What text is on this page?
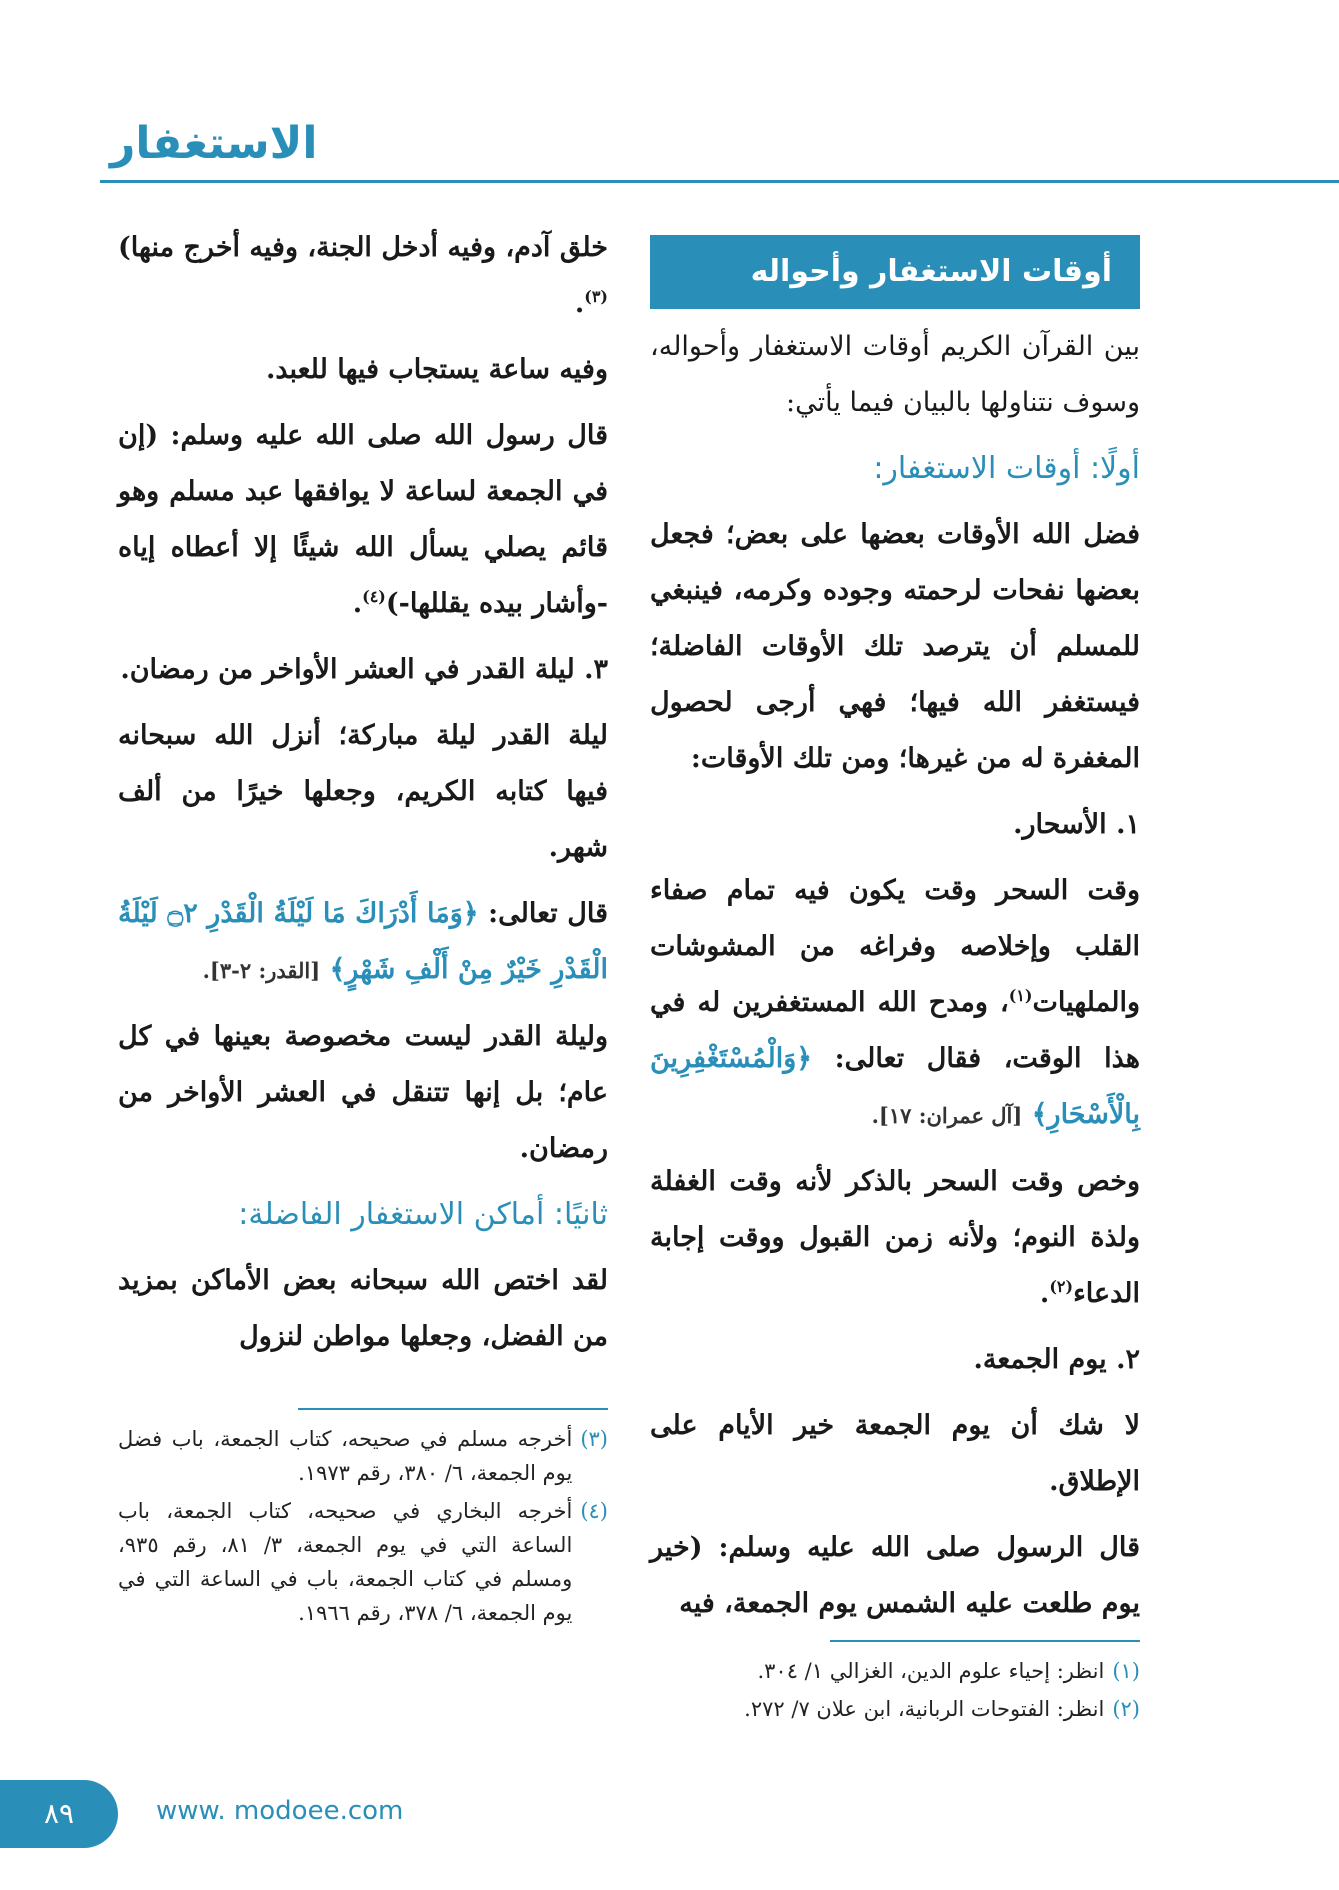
الاستغفار
أوقات الاستغفار وأحواله

بين القرآن الكريم أوقات الاستغفار وأحواله، وسوف نتناولها بالبيان فيما يأتي:

أولًا: أوقات الاستغفار:

فضل الله الأوقات بعضها على بعض؛ فجعل بعضها نفحات لرحمته وجوده وكرمه، فينبغي للمسلم أن يترصد تلك الأوقات الفاضلة؛ فيستغفر الله فيها؛ فهي أرجى لحصول المغفرة له من غيرها؛ ومن تلك الأوقات:

١. الأسحار.

وقت السحر وقت يكون فيه تمام صفاء القلب وإخلاصه وفراغه من المشوشات والملهيات$^{(١)}$، ومدح الله المستغفرين له في هذا الوقت، فقال تعالى: ﴿وَالْمُسْتَغْفِرِينَ بِالْأَسْحَارِ﴾ [آل عمران: ١٧].

وخص وقت السحر بالذكر لأنه وقت الغفلة ولذة النوم؛ ولأنه زمن القبول ووقت إجابة الدعاء$^{(٢)}$.

٢. يوم الجمعة.

لا شك أن يوم الجمعة خير الأيام على الإطلاق.

قال الرسول صلى الله عليه وسلم: (خير يوم طلعت عليه الشمس يوم الجمعة، فيه

(١)
انظر: إحياء علوم الدين، الغزالي ١/ ٣٠٤.
(٢)
انظر: الفتوحات الربانية، ابن علان ٧/ ٢٧٢.

خلق آدم، وفيه أدخل الجنة، وفيه أخرج منها)$^{(٣)}$.

وفيه ساعة يستجاب فيها للعبد.

قال رسول الله صلى الله عليه وسلم: (إن في الجمعة لساعة لا يوافقها عبد مسلم وهو قائم يصلي يسأل الله شيئًا إلا أعطاه إياه -وأشار بيده يقللها-)$^{(٤)}$.

٣. ليلة القدر في العشر الأواخر من رمضان.

ليلة القدر ليلة مباركة؛ أنزل الله سبحانه فيها كتابه الكريم، وجعلها خيرًا من ألف شهر.

قال تعالى: ﴿وَمَا أَدْرَاكَ مَا لَيْلَةُ الْقَدْرِ ۝٢ لَيْلَةُ الْقَدْرِ خَيْرٌ مِنْ أَلْفِ شَهْرٍ﴾ [القدر: ٢-٣].

وليلة القدر ليست مخصوصة بعينها في كل عام؛ بل إنها تتنقل في العشر الأواخر من رمضان.

ثانيًا: أماكن الاستغفار الفاضلة:

لقد اختص الله سبحانه بعض الأماكن بمزيد من الفضل، وجعلها مواطن لنزول

(٣)
أخرجه مسلم في صحيحه، كتاب الجمعة، باب فضل يوم الجمعة، ٦/ ٣٨٠، رقم ١٩٧٣.
(٤)
أخرجه البخاري في صحيحه، كتاب الجمعة، باب الساعة التي في يوم الجمعة، ٣/ ٨١، رقم ٩٣٥، ومسلم في كتاب الجمعة، باب في الساعة التي في يوم الجمعة، ٦/ ٣٧٨، رقم ١٩٦٦.
٨٩	www. modoee.com
